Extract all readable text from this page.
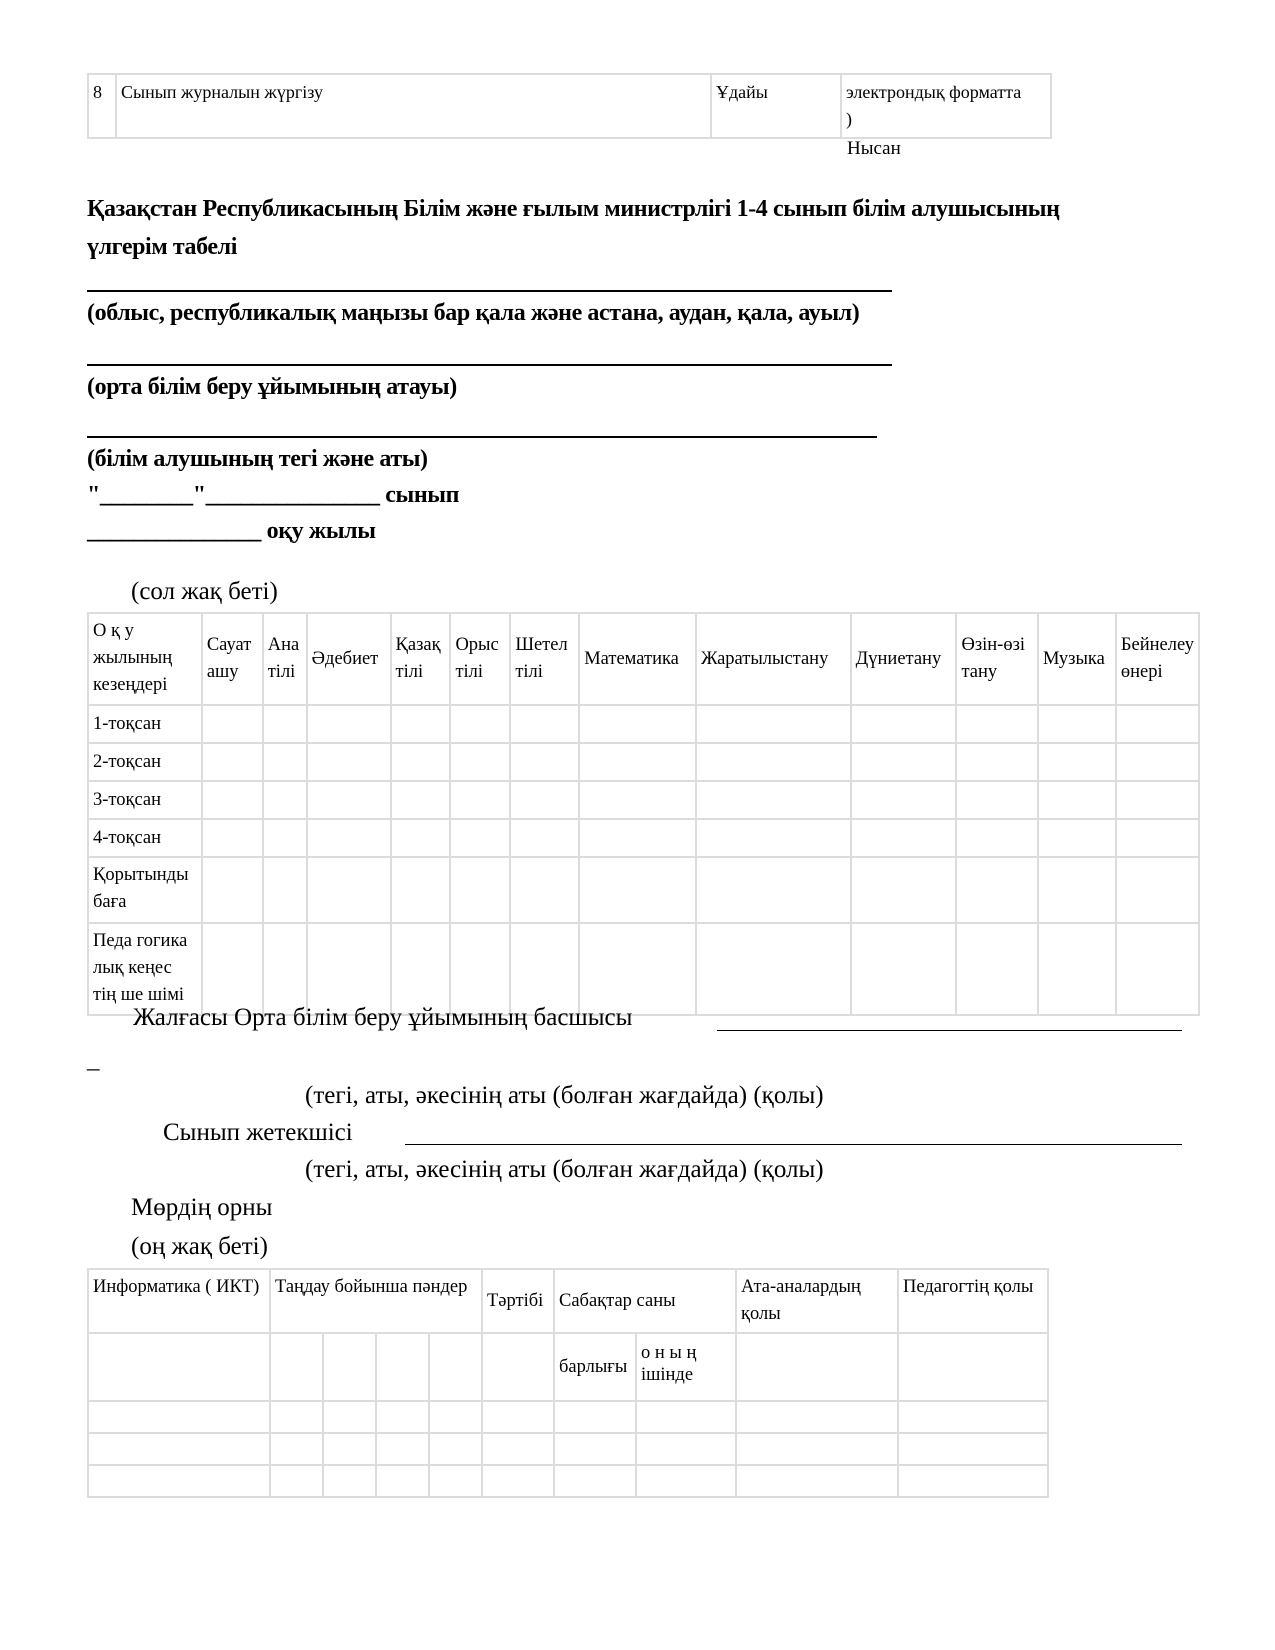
8	Сынып журналын жүргізу	Ұдайы	электрондық форматта
)
Нысан
Қазақстан Республикасының Білім және ғылым министрлігі 1-4 сынып білім алушысының
үлгерім табелі
(облыс, республикалық маңызы бар қала және астана, аудан, қала, ауыл)
(орта білім беру ұйымының атауы)
(білім алушының тегі және аты)
"________"_______________ сынып
_______________ оқу жылы
(сол жақ беті)
О қ у жылының кезеңдері	Сауат ашу	Ана тілі	Әдебиет	Қазақ тілі	Орыс тілі	Шетел тілі	Математика	Жаратылыстану	Дүниетану	Өзін-өзі тану	Музыка	Бейнелеу өнері
1-тоқсан												
2-тоқсан												
3-тоқсан												
4-тоқсан												
Қорытынды баға												
Педа гогика лық кеңес тің ше шімі												
Жалғасы Орта білім беру ұйымының басшысы
_
(тегі, аты, әкесінің аты (болған жағдайда) (қолы)
Сынып жетекшісі
(тегі, аты, әкесінің аты (болған жағдайда) (қолы)
Мөрдің орны
(оң жақ беті)
Информатика ( ИКТ)	Таңдау бойынша пәндер				Тәртібі	Сабақтар саны		Ата-аналардың қолы	Педагогтің қолы
						барлығы	о н ы ң ішінде		
